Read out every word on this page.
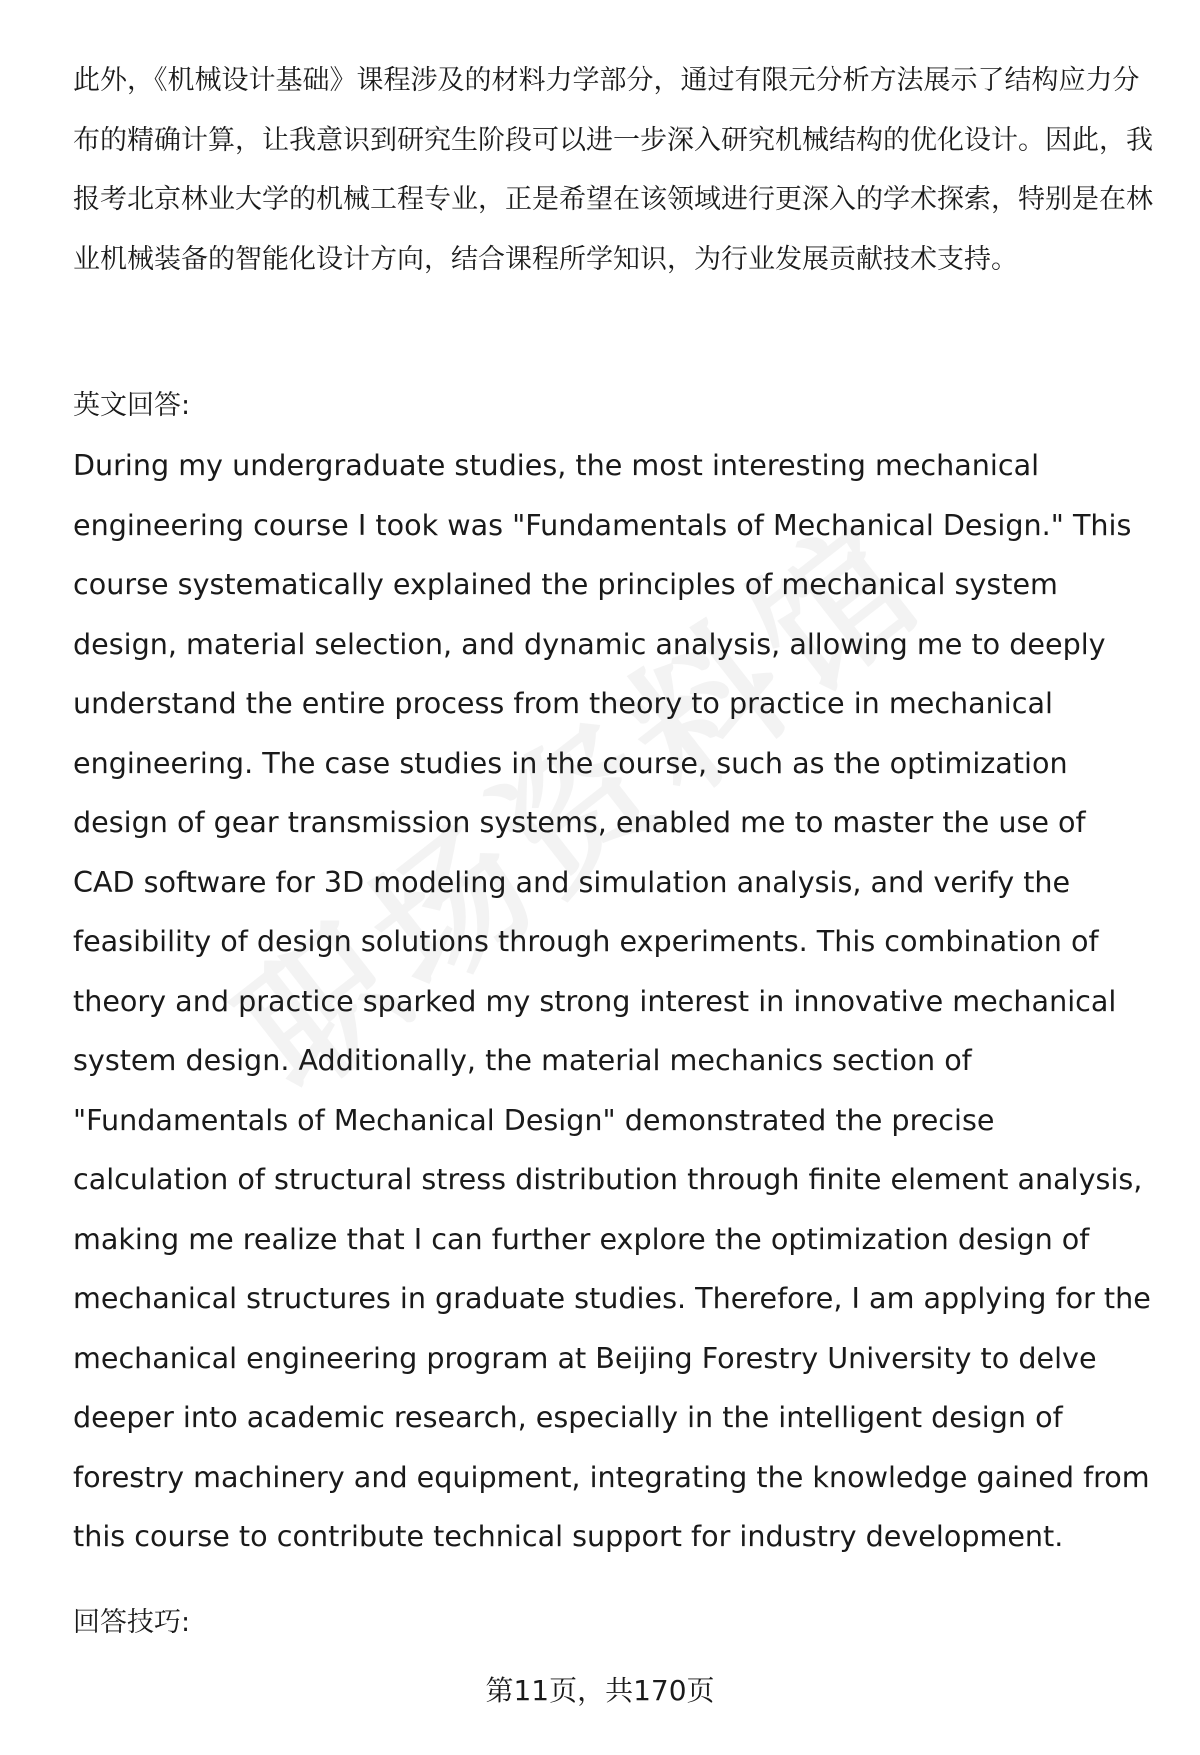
此外，《机械设计基础》课程涉及的材料力学部分，通过有限元分析方法展示了结构应力分布的精确计算，让我意识到研究生阶段可以进一步深入研究机械结构的优化设计。因此，我报考北京林业大学的机械工程专业，正是希望在该领域进行更深入的学术探索，特别是在林业机械装备的智能化设计方向，结合课程所学知识，为行业发展贡献技术支持。

英文回答:

During my undergraduate studies, the most interesting mechanical engineering course I took was "Fundamentals of Mechanical Design." This course systematically explained the principles of mechanical system design, material selection, and dynamic analysis, allowing me to deeply understand the entire process from theory to practice in mechanical engineering. The case studies in the course, such as the optimization design of gear transmission systems, enabled me to master the use of CAD software for 3D modeling and simulation analysis, and verify the feasibility of design solutions through experiments. This combination of theory and practice sparked my strong interest in innovative mechanical system design. Additionally, the material mechanics section of "Fundamentals of Mechanical Design" demonstrated the precise calculation of structural stress distribution through finite element analysis, making me realize that I can further explore the optimization design of mechanical structures in graduate studies. Therefore, I am applying for the mechanical engineering program at Beijing Forestry University to delve deeper into academic research, especially in the intelligent design of forestry machinery and equipment, integrating the knowledge gained from this course to contribute technical support for industry development.

回答技巧:

第11页，共170页
